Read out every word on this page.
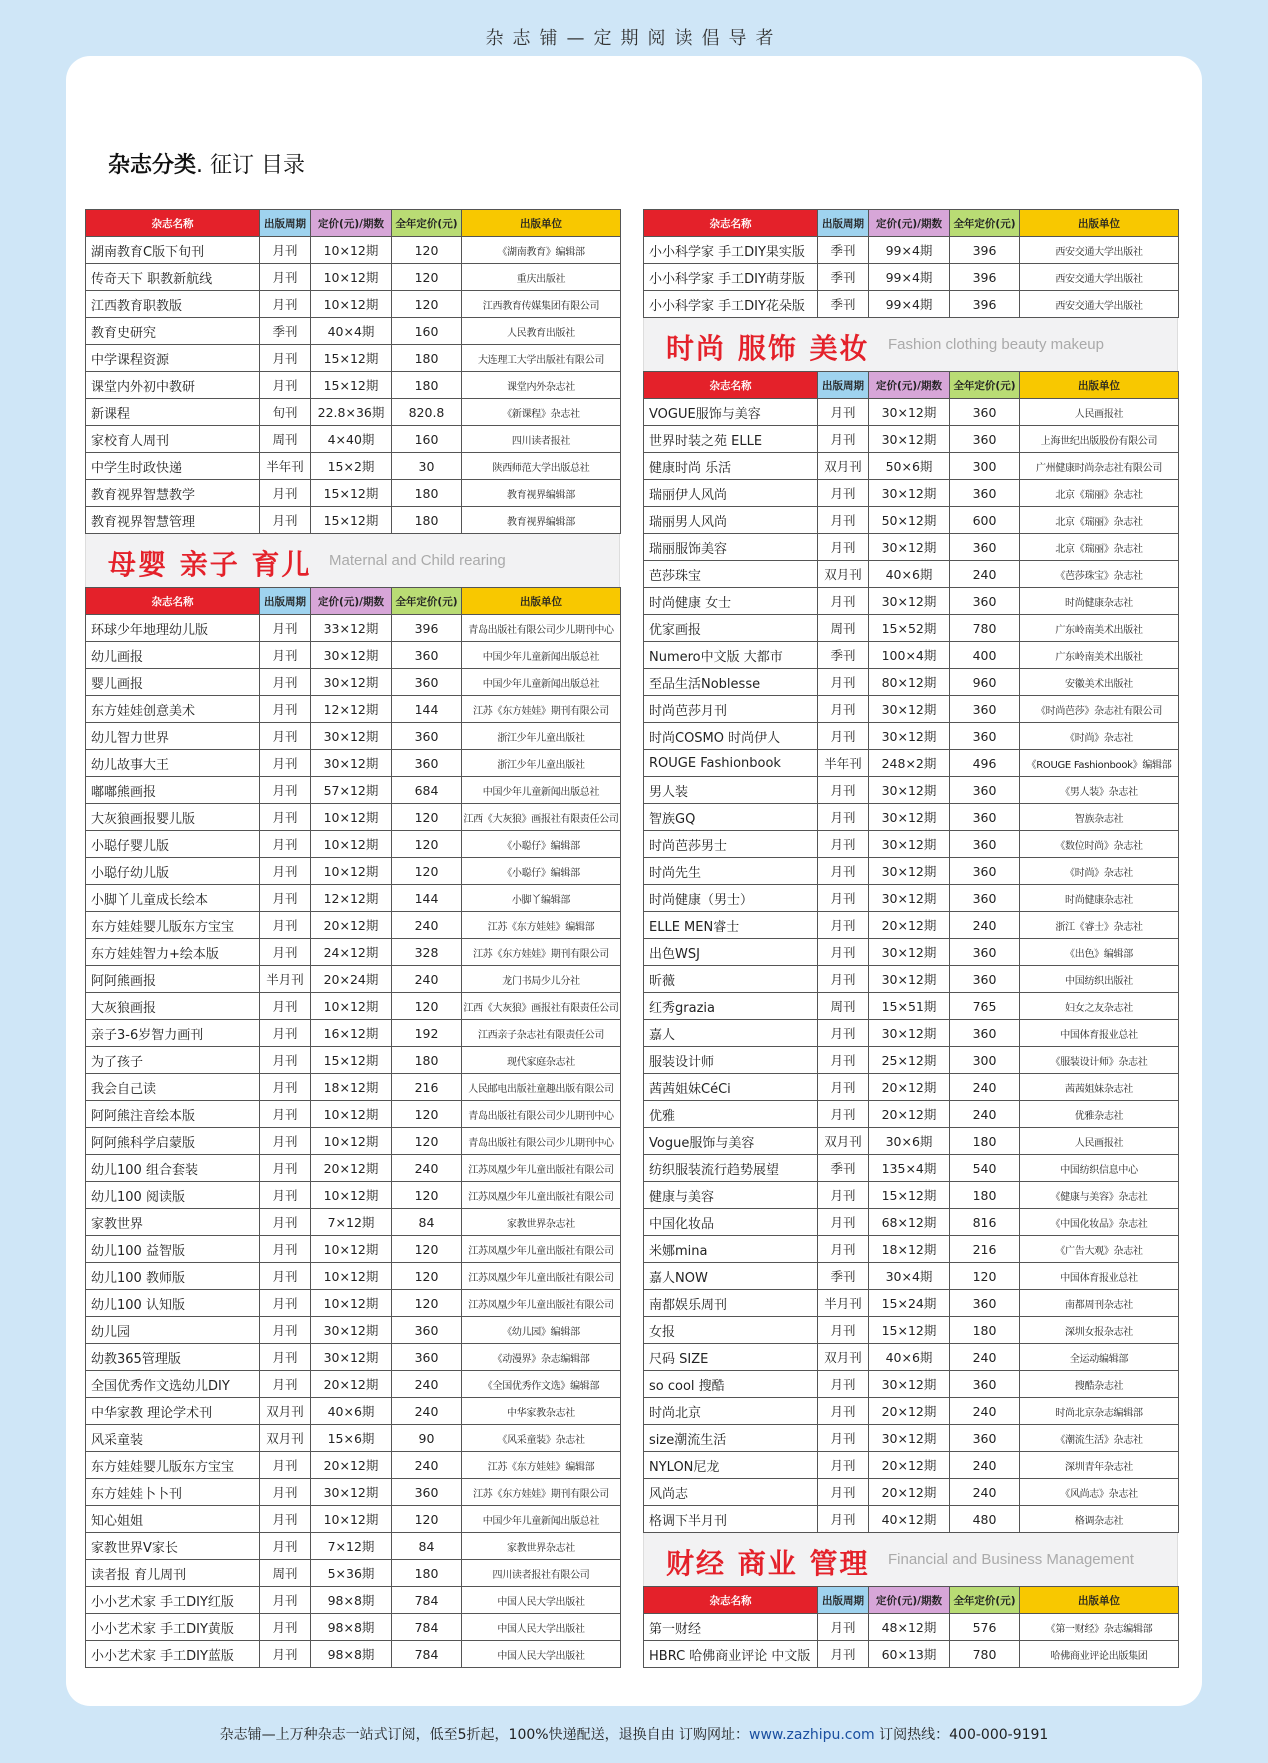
杂志铺—定期阅读倡导者
杂志分类. 征订 目录
杂志名称	出版周期	定价(元)/期数	全年定价(元)	出版单位
湖南教育C版下旬刊	月刊	10×12期	120	《湖南教育》编辑部
传奇天下 职教新航线	月刊	10×12期	120	重庆出版社
江西教育职教版	月刊	10×12期	120	江西教育传媒集团有限公司
教育史研究	季刊	40×4期	160	人民教育出版社
中学课程资源	月刊	15×12期	180	大连理工大学出版社有限公司
课堂内外初中教研	月刊	15×12期	180	课堂内外杂志社
新课程	旬刊	22.8×36期	820.8	《新课程》杂志社
家校育人周刊	周刊	4×40期	160	四川读者报社
中学生时政快递	半年刊	15×2期	30	陕西师范大学出版总社
教育视界智慧教学	月刊	15×12期	180	教育视界编辑部
教育视界智慧管理	月刊	15×12期	180	教育视界编辑部
母婴 亲子 育儿 Maternal and Child rearing
杂志名称	出版周期	定价(元)/期数	全年定价(元)	出版单位
环球少年地理幼儿版	月刊	33×12期	396	青岛出版社有限公司少儿期刊中心
幼儿画报	月刊	30×12期	360	中国少年儿童新闻出版总社
婴儿画报	月刊	30×12期	360	中国少年儿童新闻出版总社
东方娃娃创意美术	月刊	12×12期	144	江苏《东方娃娃》期刊有限公司
幼儿智力世界	月刊	30×12期	360	浙江少年儿童出版社
幼儿故事大王	月刊	30×12期	360	浙江少年儿童出版社
嘟嘟熊画报	月刊	57×12期	684	中国少年儿童新闻出版总社
大灰狼画报婴儿版	月刊	10×12期	120	江西《大灰狼》画报社有限责任公司
小聪仔婴儿版	月刊	10×12期	120	《小聪仔》编辑部
小聪仔幼儿版	月刊	10×12期	120	《小聪仔》编辑部
小脚丫儿童成长绘本	月刊	12×12期	144	小脚丫编辑部
东方娃娃婴儿版东方宝宝	月刊	20×12期	240	江苏《东方娃娃》编辑部
东方娃娃智力+绘本版	月刊	24×12期	328	江苏《东方娃娃》期刊有限公司
阿阿熊画报	半月刊	20×24期	240	龙门书局少儿分社
大灰狼画报	月刊	10×12期	120	江西《大灰狼》画报社有限责任公司
亲子3-6岁智力画刊	月刊	16×12期	192	江西亲子杂志社有限责任公司
为了孩子	月刊	15×12期	180	现代家庭杂志社
我会自己读	月刊	18×12期	216	人民邮电出版社童趣出版有限公司
阿阿熊注音绘本版	月刊	10×12期	120	青岛出版社有限公司少儿期刊中心
阿阿熊科学启蒙版	月刊	10×12期	120	青岛出版社有限公司少儿期刊中心
幼儿100 组合套装	月刊	20×12期	240	江苏凤凰少年儿童出版社有限公司
幼儿100 阅读版	月刊	10×12期	120	江苏凤凰少年儿童出版社有限公司
家教世界	月刊	7×12期	84	家教世界杂志社
幼儿100 益智版	月刊	10×12期	120	江苏凤凰少年儿童出版社有限公司
幼儿100 教师版	月刊	10×12期	120	江苏凤凰少年儿童出版社有限公司
幼儿100 认知版	月刊	10×12期	120	江苏凤凰少年儿童出版社有限公司
幼儿园	月刊	30×12期	360	《幼儿园》编辑部
幼教365管理版	月刊	30×12期	360	《动漫界》杂志编辑部
全国优秀作文选幼儿DIY	月刊	20×12期	240	《全国优秀作文选》编辑部
中华家教 理论学术刊	双月刊	40×6期	240	中华家教杂志社
风采童装	双月刊	15×6期	90	《风采童装》杂志社
东方娃娃婴儿版东方宝宝	月刊	20×12期	240	江苏《东方娃娃》编辑部
东方娃娃卜卜刊	月刊	30×12期	360	江苏《东方娃娃》期刊有限公司
知心姐姐	月刊	10×12期	120	中国少年儿童新闻出版总社
家教世界V家长	月刊	7×12期	84	家教世界杂志社
读者报 育儿周刊	周刊	5×36期	180	四川读者报社有限公司
小小艺术家 手工DIY红版	月刊	98×8期	784	中国人民大学出版社
小小艺术家 手工DIY黄版	月刊	98×8期	784	中国人民大学出版社
小小艺术家 手工DIY蓝版	月刊	98×8期	784	中国人民大学出版社
杂志名称	出版周期	定价(元)/期数	全年定价(元)	出版单位
小小科学家 手工DIY果实版	季刊	99×4期	396	西安交通大学出版社
小小科学家 手工DIY萌芽版	季刊	99×4期	396	西安交通大学出版社
小小科学家 手工DIY花朵版	季刊	99×4期	396	西安交通大学出版社
时尚 服饰 美妆 Fashion clothing beauty makeup
杂志名称	出版周期	定价(元)/期数	全年定价(元)	出版单位
VOGUE服饰与美容	月刊	30×12期	360	人民画报社
世界时装之苑 ELLE	月刊	30×12期	360	上海世纪出版股份有限公司
健康时尚 乐活	双月刊	50×6期	300	广州健康时尚杂志社有限公司
瑞丽伊人风尚	月刊	30×12期	360	北京《瑞丽》杂志社
瑞丽男人风尚	月刊	50×12期	600	北京《瑞丽》杂志社
瑞丽服饰美容	月刊	30×12期	360	北京《瑞丽》杂志社
芭莎珠宝	双月刊	40×6期	240	《芭莎珠宝》杂志社
时尚健康 女士	月刊	30×12期	360	时尚健康杂志社
优家画报	周刊	15×52期	780	广东岭南美术出版社
Numero中文版 大都市	季刊	100×4期	400	广东岭南美术出版社
至品生活Noblesse	月刊	80×12期	960	安徽美术出版社
时尚芭莎月刊	月刊	30×12期	360	《时尚芭莎》杂志社有限公司
时尚COSMO 时尚伊人	月刊	30×12期	360	《时尚》杂志社
ROUGE Fashionbook	半年刊	248×2期	496	《ROUGE Fashionbook》编辑部
男人装	月刊	30×12期	360	《男人装》杂志社
智族GQ	月刊	30×12期	360	智族杂志社
时尚芭莎男士	月刊	30×12期	360	《数位时尚》杂志社
时尚先生	月刊	30×12期	360	《时尚》杂志社
时尚健康（男士）	月刊	30×12期	360	时尚健康杂志社
ELLE MEN睿士	月刊	20×12期	240	浙江《睿士》杂志社
出色WSJ	月刊	30×12期	360	《出色》编辑部
昕薇	月刊	30×12期	360	中国纺织出版社
红秀grazia	周刊	15×51期	765	妇女之友杂志社
嘉人	月刊	30×12期	360	中国体育报业总社
服装设计师	月刊	25×12期	300	《服装设计师》杂志社
茜茜姐妹CéCi	月刊	20×12期	240	茜茜姐妹杂志社
优雅	月刊	20×12期	240	优雅杂志社
Vogue服饰与美容	双月刊	30×6期	180	人民画报社
纺织服装流行趋势展望	季刊	135×4期	540	中国纺织信息中心
健康与美容	月刊	15×12期	180	《健康与美容》杂志社
中国化妆品	月刊	68×12期	816	《中国化妆品》杂志社
米娜mina	月刊	18×12期	216	《广告大观》杂志社
嘉人NOW	季刊	30×4期	120	中国体育报业总社
南都娱乐周刊	半月刊	15×24期	360	南都周刊杂志社
女报	月刊	15×12期	180	深圳女报杂志社
尺码 SIZE	双月刊	40×6期	240	全运动编辑部
so cool 搜酷	月刊	30×12期	360	搜酷杂志社
时尚北京	月刊	20×12期	240	时尚北京杂志编辑部
size潮流生活	月刊	30×12期	360	《潮流生活》杂志社
NYLON尼龙	月刊	20×12期	240	深圳青年杂志社
风尚志	月刊	20×12期	240	《风尚志》杂志社
格调下半月刊	月刊	40×12期	480	格调杂志社
财经 商业 管理 Financial and Business Management
杂志名称	出版周期	定价(元)/期数	全年定价(元)	出版单位
第一财经	月刊	48×12期	576	《第一财经》杂志编辑部
HBRC 哈佛商业评论 中文版	月刊	60×13期	780	哈佛商业评论出版集团
杂志铺—上万种杂志一站式订阅，低至5折起，100%快递配送，退换自由 订购网址：www.zazhipu.com 订阅热线：400-000-9191
